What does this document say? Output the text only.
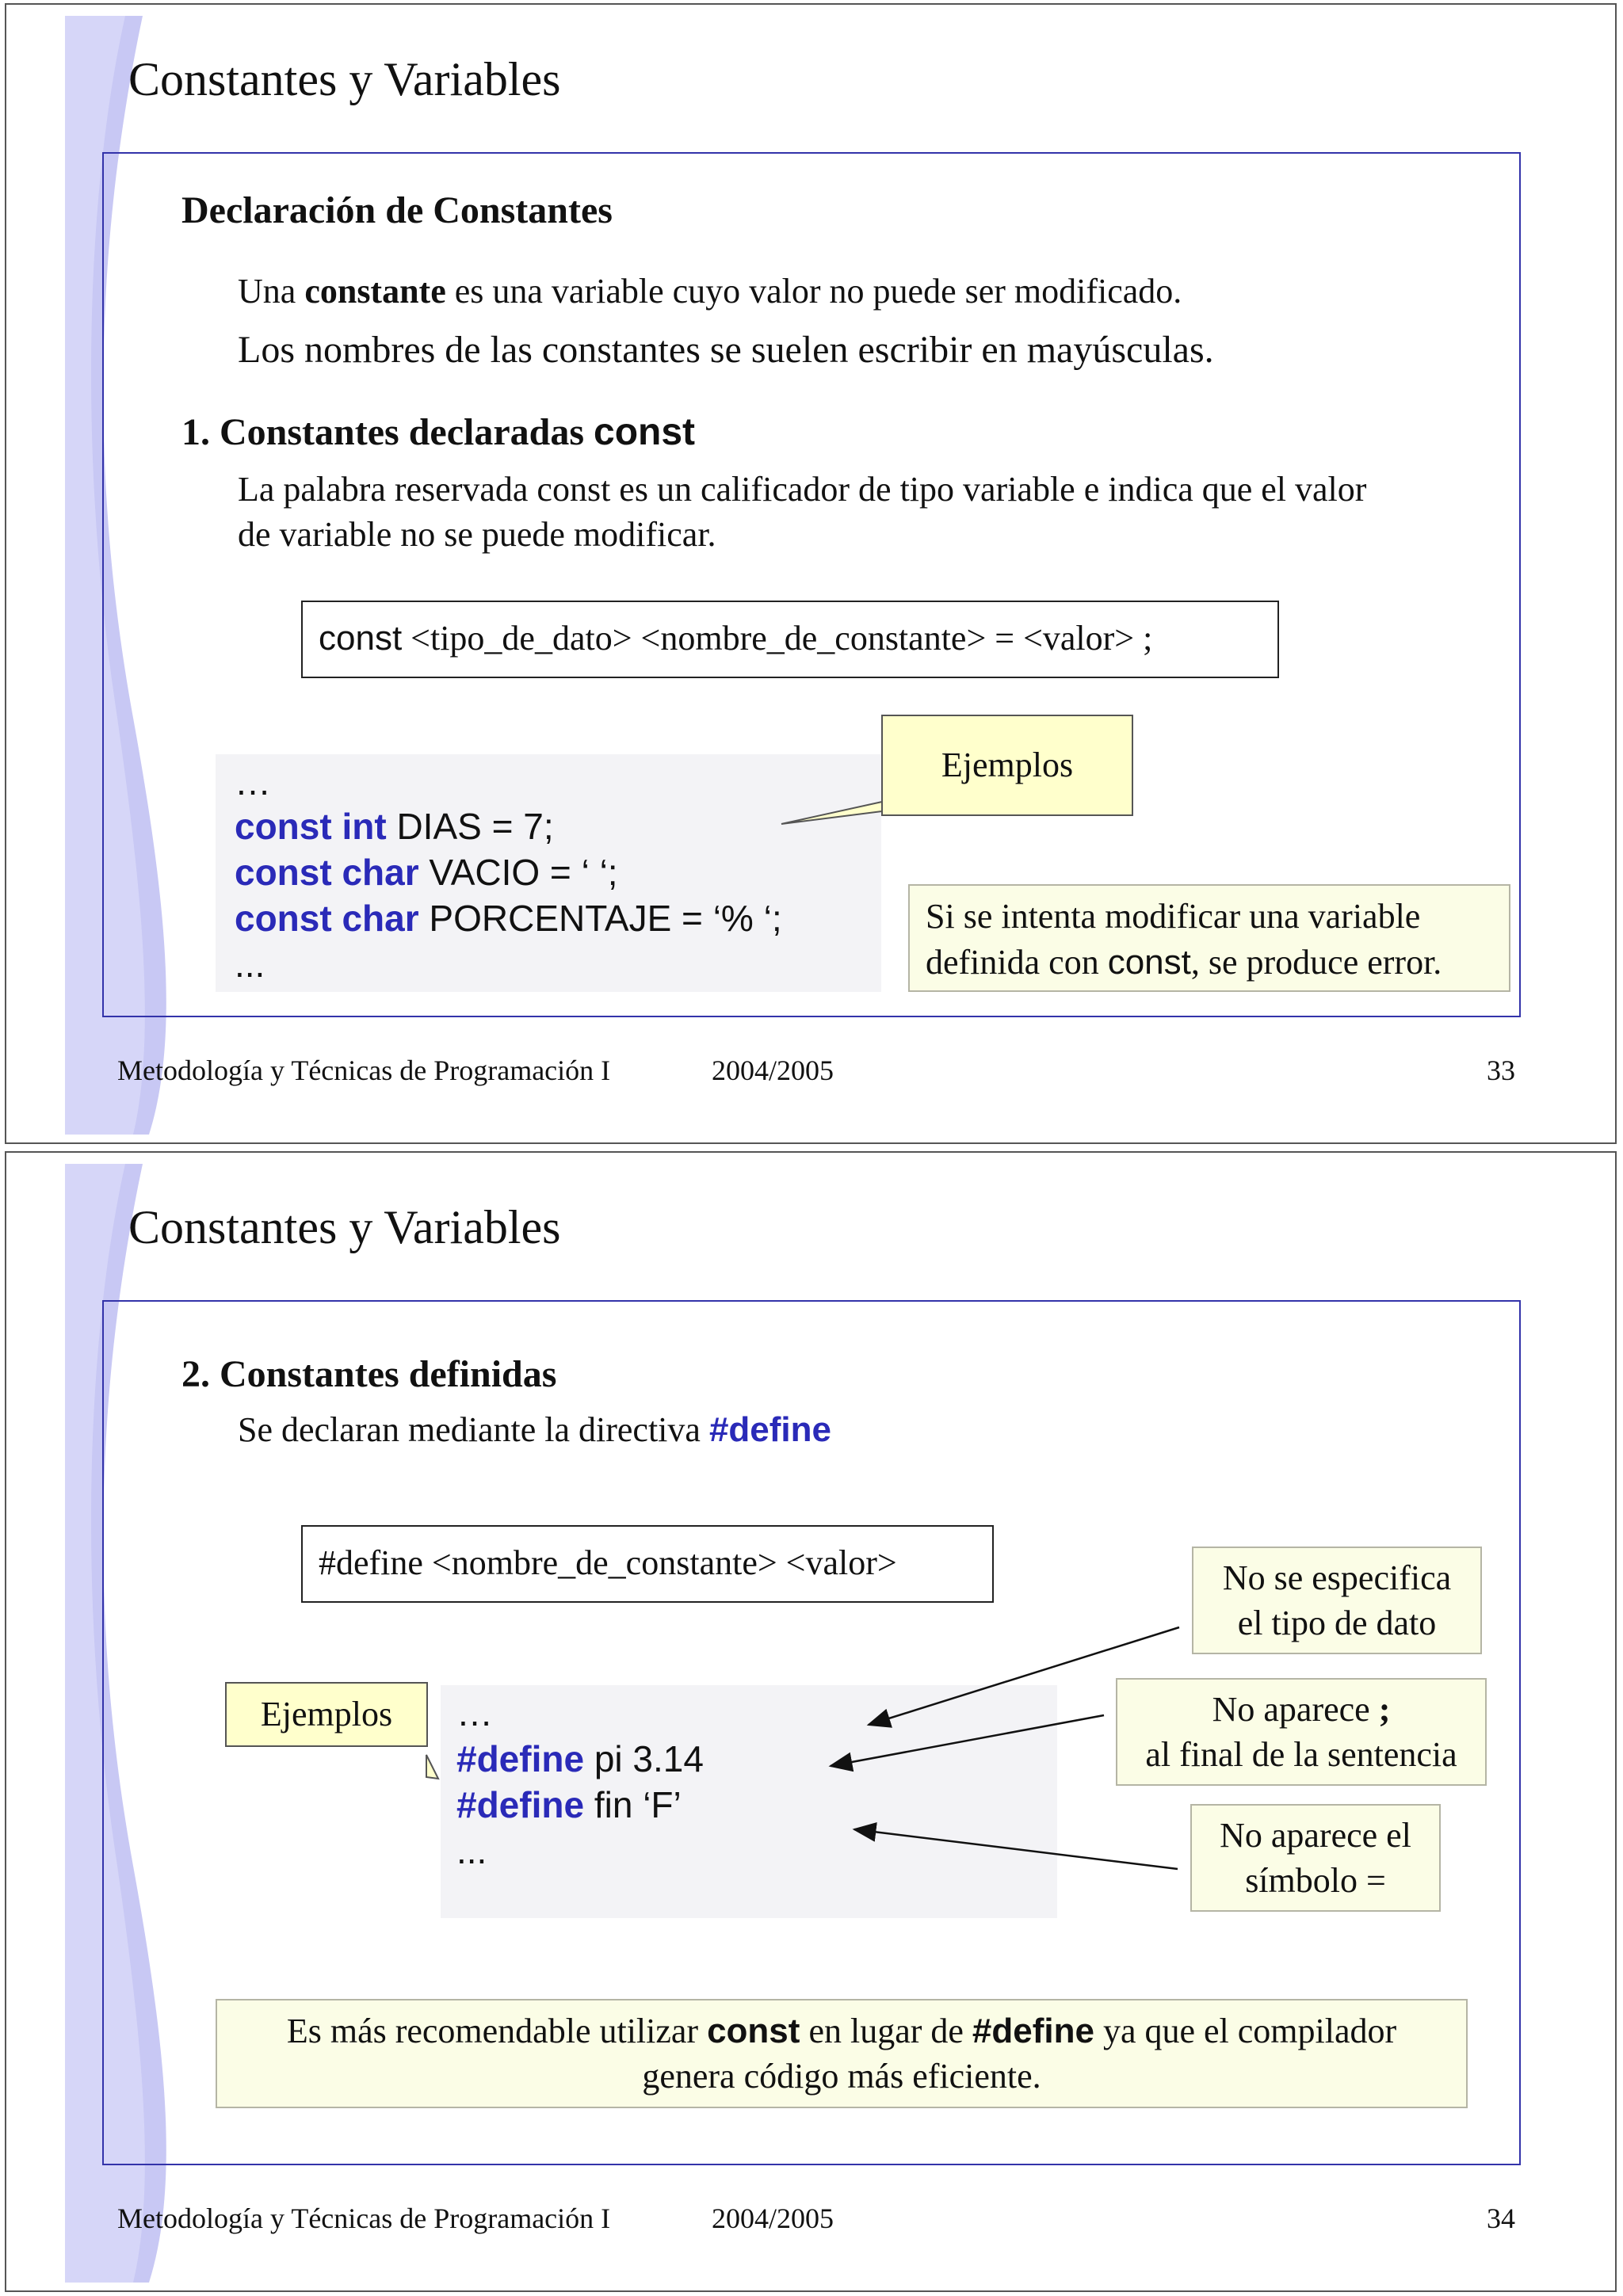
Constantes y Variables
Declaración de Constantes
Una constante es una variable cuyo valor no puede ser modificado.
Los nombres de las constantes se suelen escribir en mayúsculas.
1. Constantes declaradas const
La palabra reservada const es un calificador de tipo variable e indica que el valor
de variable no se puede modificar.
const <tipo_de_dato> <nombre_de_constante> = <valor> ;
…
const int DIAS = 7;
const char VACIO = ‘ ‘;
const char PORCENTAJE = ‘% ‘;
...
Ejemplos
Si se intenta modificar una variable
definida con const, se produce error.
Metodología y Técnicas de Programación I	2004/2005	33
Constantes y Variables
2. Constantes definidas
Se declaran mediante la directiva #define
#define <nombre_de_constante> <valor>
…
#define pi 3.14
#define fin ‘F’
...
Ejemplos
No se especifica
el tipo de dato
No aparece ;
al final de la sentencia
No aparece el
símbolo =
Es más recomendable utilizar const en lugar de #define ya que el compilador
genera código más eficiente.
Metodología y Técnicas de Programación I	2004/2005	34
